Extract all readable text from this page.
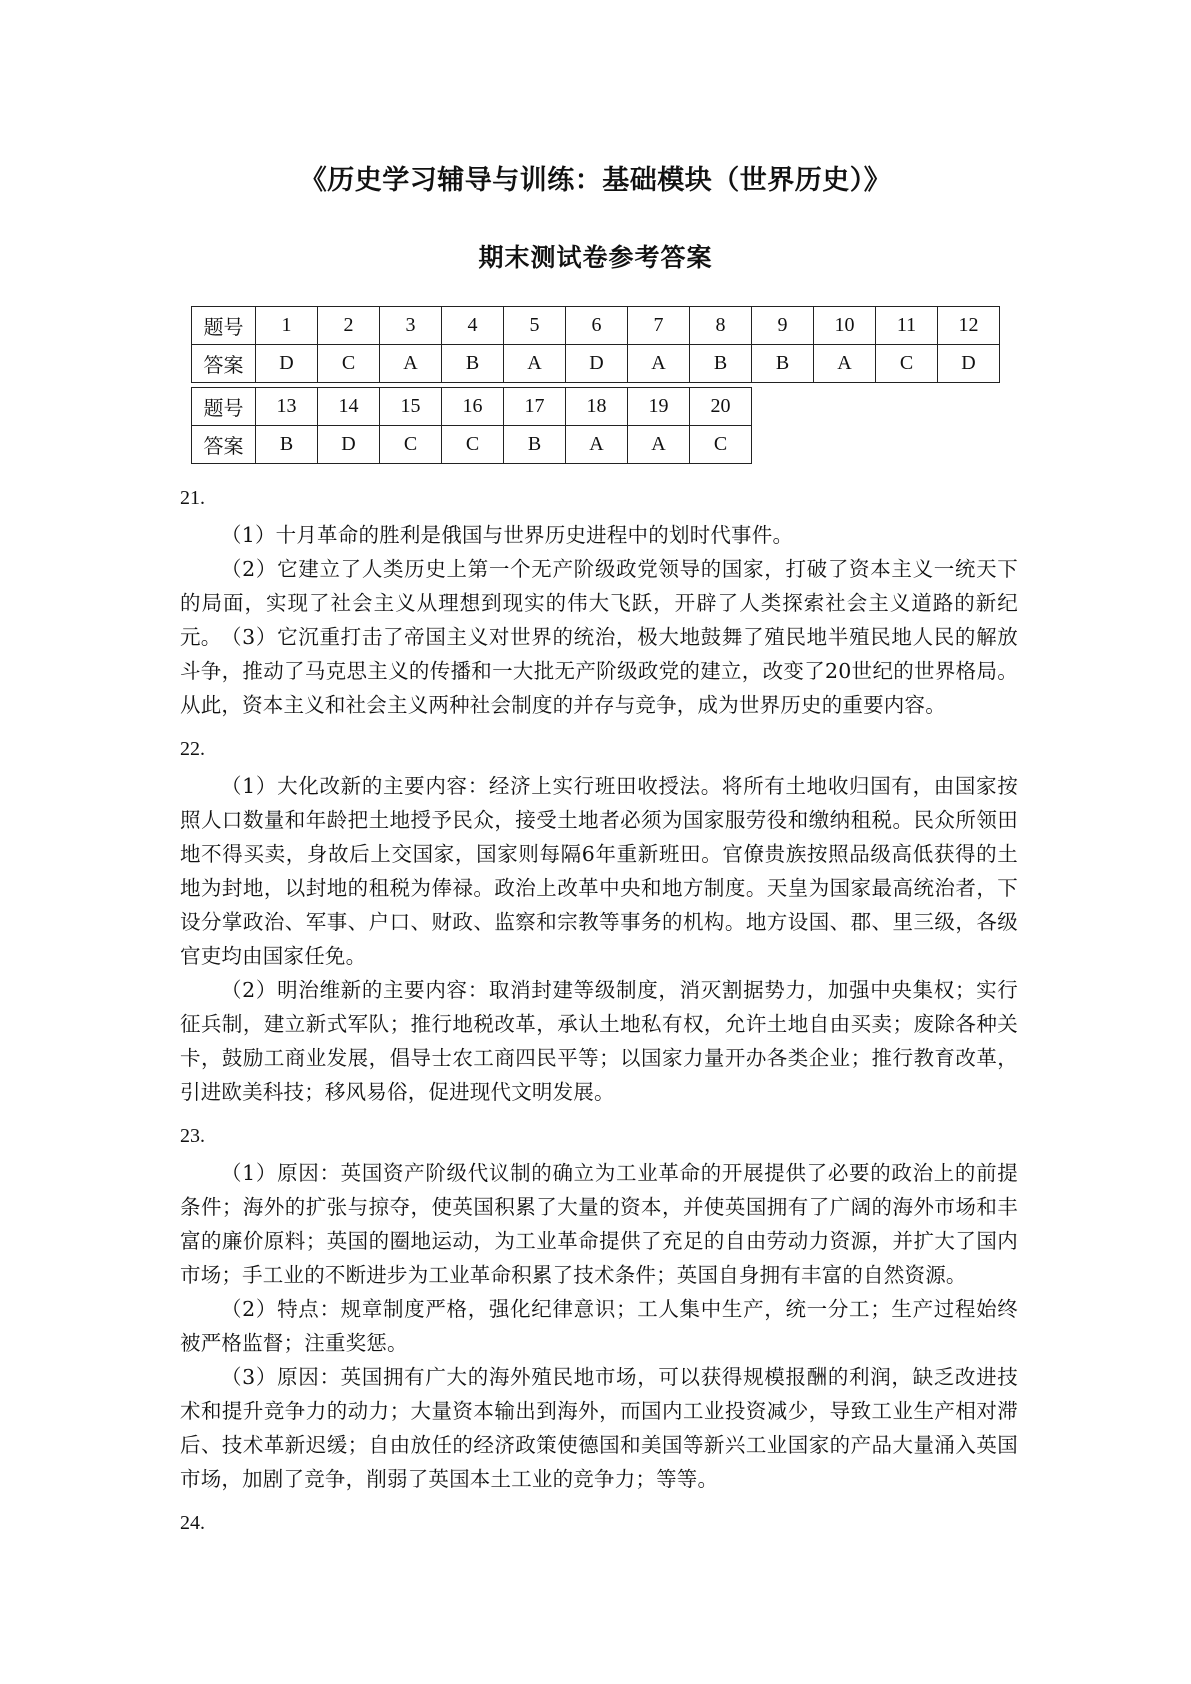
《历史学习辅导与训练：基础模块（世界历史）》
期末测试卷参考答案
题号	1	2	3	4	5	6	7	8	9	10	11	12
答案	D	C	A	B	A	D	A	B	B	A	C	D
题号	13	14	15	16	17	18	19	20
答案	B	D	C	C	B	A	A	C
21.
（1）十月革命的胜利是俄国与世界历史进程中的划时代事件。
（2）它建立了人类历史上第一个无产阶级政党领导的国家，打破了资本主义一统天下的局面，实现了社会主义从理想到现实的伟大飞跃，开辟了人类探索社会主义道路的新纪元。 （3）它沉重打击了帝国主义对世界的统治，极大地鼓舞了殖民地半殖民地人民的解放斗争，推动了马克思主义的传播和一大批无产阶级政党的建立，改变了20世纪的世界格局。从此，资本主义和社会主义两种社会制度的并存与竞争，成为世界历史的重要内容。
22.
（1）大化改新的主要内容：经济上实行班田收授法。将所有土地收归国有，由国家按照人口数量和年龄把土地授予民众，接受土地者必须为国家服劳役和缴纳租税。民众所领田地不得买卖，身故后上交国家，国家则每隔6年重新班田。官僚贵族按照品级高低获得的土地为封地，以封地的租税为俸禄。政治上改革中央和地方制度。天皇为国家最高统治者，下设分掌政治、军事、户口、财政、监察和宗教等事务的机构。地方设国、郡、里三级，各级官吏均由国家任免。
（2）明治维新的主要内容：取消封建等级制度，消灭割据势力，加强中央集权；实行征兵制，建立新式军队；推行地税改革，承认土地私有权，允许土地自由买卖；废除各种关卡，鼓励工商业发展，倡导士农工商四民平等；以国家力量开办各类企业；推行教育改革，引进欧美科技；移风易俗，促进现代文明发展。
23.
（1）原因：英国资产阶级代议制的确立为工业革命的开展提供了必要的政治上的前提条件；海外的扩张与掠夺，使英国积累了大量的资本，并使英国拥有了广阔的海外市场和丰富的廉价原料；英国的圈地运动，为工业革命提供了充足的自由劳动力资源，并扩大了国内市场；手工业的不断进步为工业革命积累了技术条件；英国自身拥有丰富的自然资源。
（2）特点：规章制度严格，强化纪律意识；工人集中生产，统一分工；生产过程始终被严格监督；注重奖惩。
（3）原因：英国拥有广大的海外殖民地市场，可以获得规模报酬的利润，缺乏改进技术和提升竞争力的动力；大量资本输出到海外，而国内工业投资减少，导致工业生产相对滞后、技术革新迟缓；自由放任的经济政策使德国和美国等新兴工业国家的产品大量涌入英国市场，加剧了竞争，削弱了英国本土工业的竞争力；等等。
24.
